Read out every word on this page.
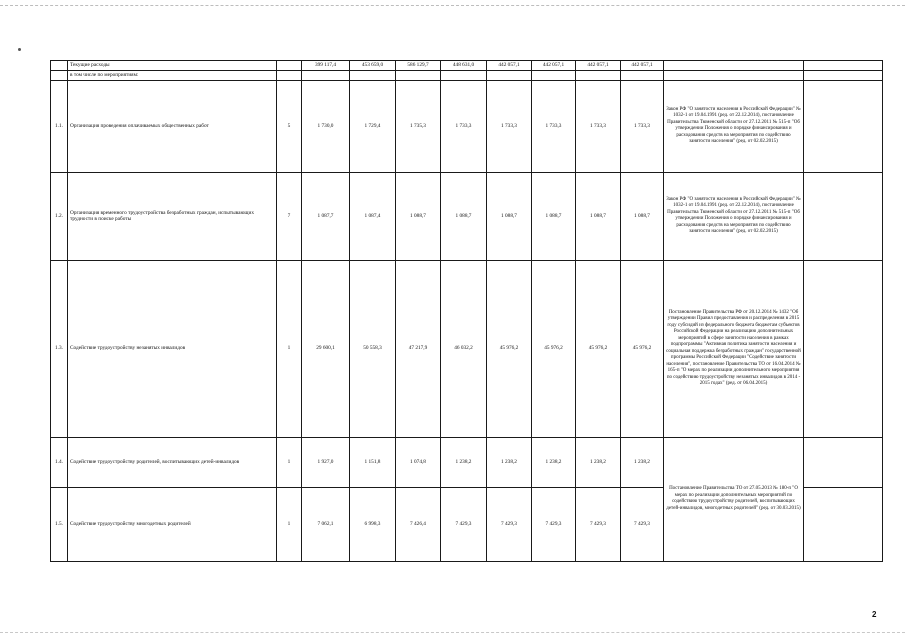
	Текущие расходы		399 117,4	453 659,0	586 129,7	448 631,0	442 057,1	442 057,1	442 057,1	442 057,1		
	в том числе по мероприятиям:											
1.1.	Организация проведения оплачиваемых общественных работ	5	1 730,0	1 729,4	1 735,3	1 733,3	1 733,3	1 733,3	1 733,3	1 733,3	Закон РФ "О занятости населения в Российской Федерации" № 1032-1 от 19.04.1991 (ред. от 22.12.2014), постановление Правительства Тюменской области от 27.12.2011 № 515-п "Об утверждении Положения о порядке финансирования и расходования средств на мероприятия по содействию занятости населения" (ред. от 02.02.2015)	
1.2.	Организация временного трудоустройства безработных граждан, испытывающих трудности в поиске работы	7	1 087,7	1 087,4	1 088,7	1 088,7	1 088,7	1 088,7	1 088,7	1 088,7	Закон РФ "О занятости населения в Российской Федерации" № 1032-1 от 19.04.1991 (ред. от 22.12.2014), постановление Правительства Тюменской области от 27.12.2011 № 515-п "Об утверждении Положения о порядке финансирования и расходования средств на мероприятия по содействию занятости населения" (ред. от 02.02.2015)	
1.3.	Содействие трудоустройству незанятых инвалидов	1	29 600,1	50 558,3	47 217,9	46 032,2	45 976,2	45 976,2	45 976,2	45 976,2	Постановление Правительства РФ от 20.12.2014 № 1432 "Об утверждении Правил предоставления и распределения в 2015 году субсидий из федерального бюджета бюджетам субъектов Российской Федерации на реализацию дополнительных мероприятий в сфере занятости населения в рамках подпрограммы "Активная политика занятости населения и социальная поддержка безработных граждан" государственной программы Российской Федерации "Содействие занятости населения", постановление Правительства ТО от 16.04.2014 № 165-п "О мерах по реализации дополнительного мероприятия по содействию трудоустройству незанятых инвалидов в 2014 - 2015 годах" (ред. от 06.04.2015)	
1.4.	Содействие трудоустройству родителей, воспитывающих детей-инвалидов	1	1 927,0	1 151,8	1 074,8	1 238,2	1 238,2	1 238,2	1 238,2	1 238,2	Постановление Правительства ТО от 27.05.2013 № 180-п "О мерах по реализации дополнительных мероприятий по содействию трудоустройству родителей, воспитывающих детей-инвалидов, многодетных родителей" (ред. от 30.03.2015)	
1.5.	Содействие трудоустройству многодетных родителей	1	7 062,1	6 998,3	7 426,4	7 429,3	7 429,3	7 429,3	7 429,3	7 429,3		
2
